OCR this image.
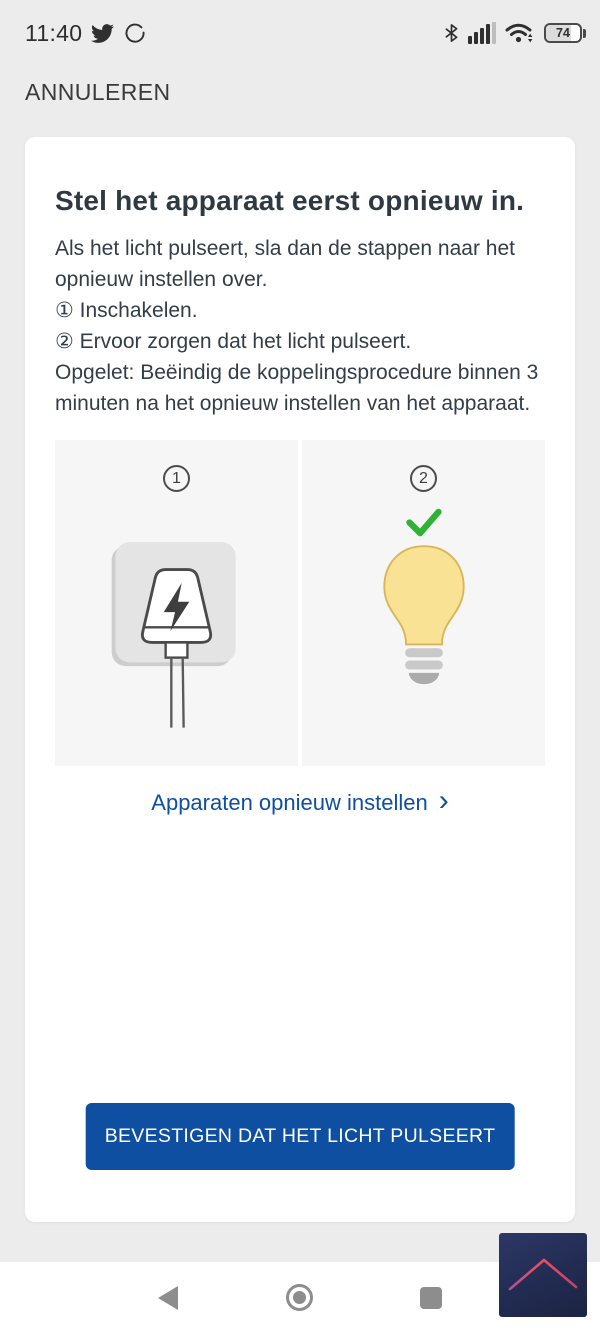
11:40	74
ANNULEREN
Stel het apparaat eerst opnieuw in.

Als het licht pulseert, sla dan de stappen naar het opnieuw instellen over.

① Inschakelen.

② Ervoor zorgen dat het licht pulseert.

Opgelet: Beëindig de koppelingsprocedure binnen 3 minuten na het opnieuw instellen van het apparaat.

1	2
Apparaten opnieuw instellen ›
BEVESTIGEN DAT HET LICHT PULSEERT
